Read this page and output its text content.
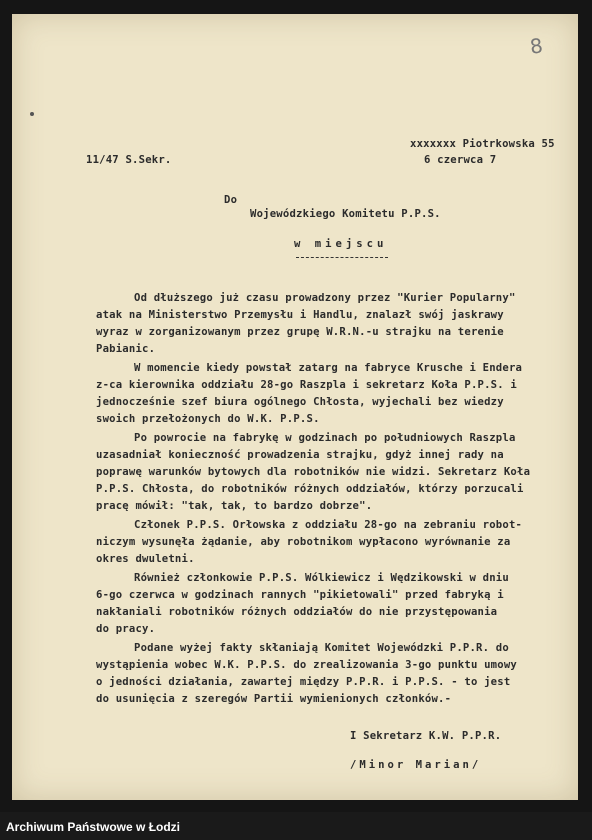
8
xxxxxxx Piotrkowska 55
11/47 S.Sekr.	6 czerwca 7
Do
Wojewódzkiego Komitetu P.P.S.
w miejscu
Od dłuższego już czasu prowadzony przez "Kurier Popularny"
atak na Ministerstwo Przemysłu i Handlu, znalazł swój jaskrawy
wyraz w zorganizowanym przez grupę W.R.N.-u strajku na terenie
Pabianic.
W momencie kiedy powstał zatarg na fabryce Krusche i Endera
z-ca kierownika oddziału 28-go Raszpla i sekretarz Koła P.P.S. i
jednocześnie szef biura ogólnego Chłosta, wyjechali bez wiedzy
swoich przełożonych do W.K. P.P.S.
Po powrocie na fabrykę w godzinach po południowych Raszpla
uzasadniał konieczność prowadzenia strajku, gdyż innej rady na
poprawę warunków bytowych dla robotników nie widzi. Sekretarz Koła
P.P.S. Chłosta, do robotników różnych oddziałów, którzy porzucali
pracę mówił: "tak, tak, to bardzo dobrze".
Członek P.P.S. Orłowska z oddziału 28-go na zebraniu robot-
niczym wysunęła żądanie, aby robotnikom wypłacono wyrównanie za
okres dwuletni.
Również członkowie P.P.S. Wólkiewicz i Wędzikowski w dniu
6-go czerwca w godzinach rannych "pikietowali" przed fabryką i
nakłaniali robotników różnych oddziałów do nie przystępowania
do pracy.
Podane wyżej fakty skłaniają Komitet Wojewódzki P.P.R. do
wystąpienia wobec W.K. P.P.S. do zrealizowania 3-go punktu umowy
o jedności działania, zawartej między P.P.R. i P.P.S. - to jest
do usunięcia z szeregów Partii wymienionych członków.-
I Sekretarz K.W. P.P.R.
/Minor Marian/
Archiwum Państwowe w Łodzi
